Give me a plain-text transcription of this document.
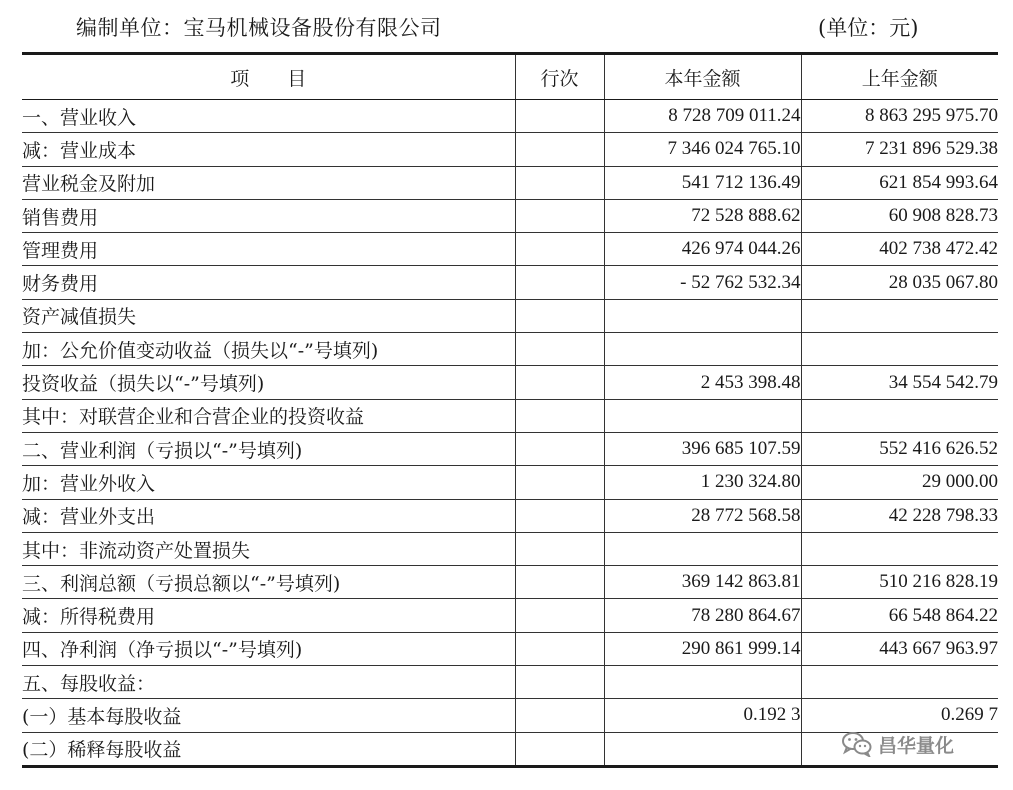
编制单位：宝马机械设备股份有限公司	(单位：元)
项　　目	行次	本年金额	上年金额
一、营业收入		8 728 709 011.24	8 863 295 975.70
减：营业成本		7 346 024 765.10	7 231 896 529.38
营业税金及附加		541 712 136.49	621 854 993.64
销售费用		72 528 888.62	60 908 828.73
管理费用		426 974 044.26	402 738 472.42
财务费用		- 52 762 532.34	28 035 067.80
资产减值损失			
加：公允价值变动收益（损失以“-”号填列)			
投资收益（损失以“-”号填列)		2 453 398.48	34 554 542.79
其中：对联营企业和合营企业的投资收益			
二、营业利润（亏损以“-”号填列)		396 685 107.59	552 416 626.52
加：营业外收入		1 230 324.80	29 000.00
减：营业外支出		28 772 568.58	42 228 798.33
其中：非流动资产处置损失			
三、利润总额（亏损总额以“-”号填列)		369 142 863.81	510 216 828.19
减：所得税费用		78 280 864.67	66 548 864.22
四、净利润（净亏损以“-”号填列)		290 861 999.14	443 667 963.97
五、每股收益：			
(一）基本每股收益		0.192 3	0.269 7
(二）稀释每股收益				昌华量化
